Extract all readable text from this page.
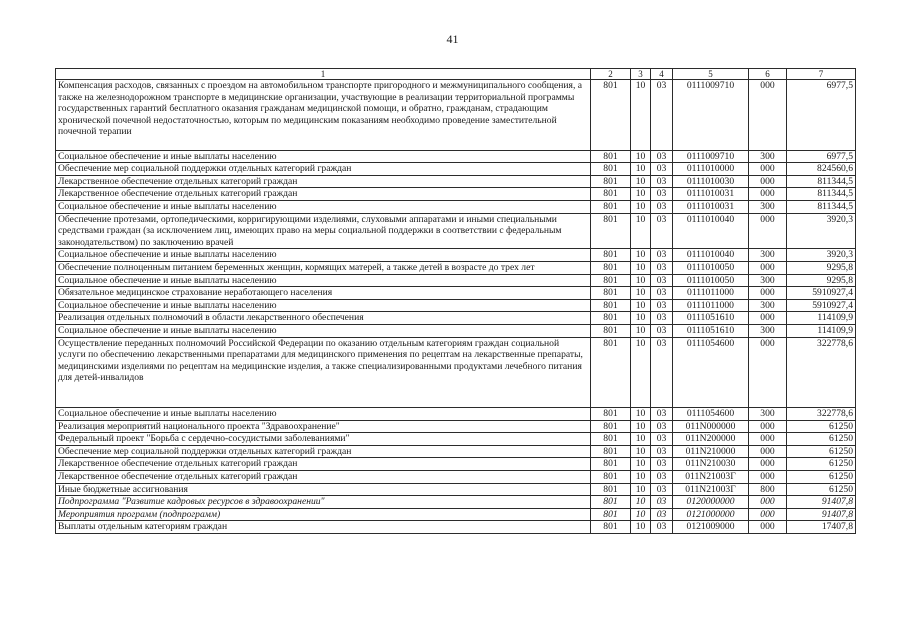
41
1	2	3	4	5	6	7
Компенсация расходов, связанных с проездом на автомобильном транспорте пригородного и межмуниципального сообщения, а также на железнодорожном транспорте в медицинские организации, участвующие в реализации территориальной программы государственных гарантий бесплатного оказания гражданам медицинской помощи, и обратно, гражданам, страдающим хронической почечной недостаточностью, которым по медицинским показаниям необходимо проведение заместительной почечной терапии	801	10	03	0111009710	000	6977,5
Социальное обеспечение и иные выплаты населению	801	10	03	0111009710	300	6977,5
Обеспечение мер социальной поддержки отдельных категорий граждан	801	10	03	0111010000	000	824560,6
Лекарственное обеспечение отдельных категорий граждан	801	10	03	0111010030	000	811344,5
Лекарственное обеспечение отдельных категорий граждан	801	10	03	0111010031	000	811344,5
Социальное обеспечение и иные выплаты населению	801	10	03	0111010031	300	811344,5
Обеспечение протезами, ортопедическими, корригирующими изделиями, слуховыми аппаратами и иными специальными средствами граждан (за исключением лиц, имеющих право на меры социальной поддержки в соответствии с федеральным законодательством) по заключению врачей	801	10	03	0111010040	000	3920,3
Социальное обеспечение и иные выплаты населению	801	10	03	0111010040	300	3920,3
Обеспечение полноценным питанием беременных женщин, кормящих матерей, а также детей в возрасте до трех лет	801	10	03	0111010050	000	9295,8
Социальное обеспечение и иные выплаты населению	801	10	03	0111010050	300	9295,8
Обязательное медицинское страхование неработающего населения	801	10	03	0111011000	000	5910927,4
Социальное обеспечение и иные выплаты населению	801	10	03	0111011000	300	5910927,4
Реализация отдельных полномочий в области лекарственного обеспечения	801	10	03	0111051610	000	114109,9
Социальное обеспечение и иные выплаты населению	801	10	03	0111051610	300	114109,9
Осуществление переданных полномочий Российской Федерации по оказанию отдельным категориям граждан социальной услуги по обеспечению лекарственными препаратами для медицинского применения по рецептам на лекарственные препараты, медицинскими изделиями по рецептам на медицинские изделия, а также специализированными продуктами лечебного питания для детей-инвалидов	801	10	03	0111054600	000	322778,6
Социальное обеспечение и иные выплаты населению	801	10	03	0111054600	300	322778,6
Реализация мероприятий национального проекта "Здравоохранение"	801	10	03	011N000000	000	61250
Федеральный проект "Борьба с сердечно-сосудистыми заболеваниями"	801	10	03	011N200000	000	61250
Обеспечение мер социальной поддержки отдельных категорий граждан	801	10	03	011N210000	000	61250
Лекарственное обеспечение отдельных категорий граждан	801	10	03	011N210030	000	61250
Лекарственное обеспечение отдельных категорий граждан	801	10	03	011N21003Г	000	61250
Иные бюджетные ассигнования	801	10	03	011N21003Г	800	61250
Подпрограмма "Развитие кадровых ресурсов в здравоохранении"	801	10	03	0120000000	000	91407,8
Мероприятия программ (подпрограмм)	801	10	03	0121000000	000	91407,8
Выплаты отдельным категориям граждан	801	10	03	0121009000	000	17407,8
